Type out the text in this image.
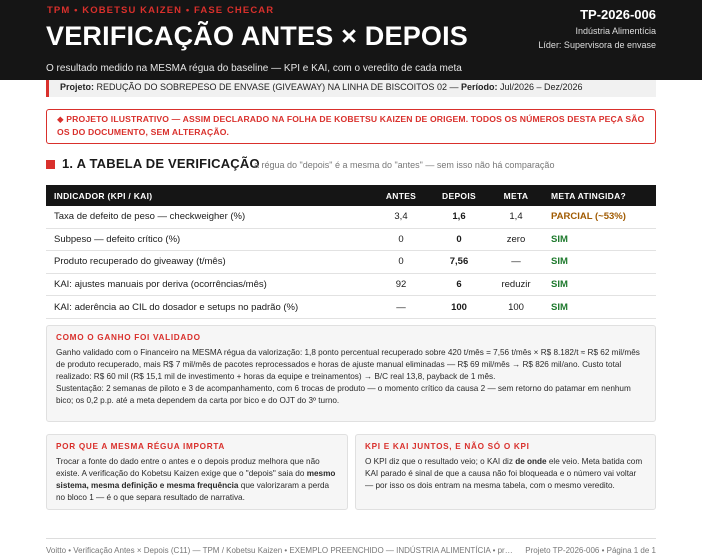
TPM • KOBETSU KAIZEN • FASE CHECAR
VERIFICAÇÃO ANTES × DEPOIS
TP-2026-006
Indústria Alimentícia
Líder: Supervisora de envase
O resultado medido na MESMA régua do baseline — KPI e KAI, com o veredito de cada meta
Projeto: REDUÇÃO DO SOBREPESO DE ENVASE (GIVEAWAY) NA LINHA DE BISCOITOS 02 — Período: Jul/2026 – Dez/2026
◆ PROJETO ILUSTRATIVO — ASSIM DECLARADO NA FOLHA DE KOBETSU KAIZEN DE ORIGEM. TODOS OS NÚMEROS DESTA PEÇA SÃO OS DO DOCUMENTO, SEM ALTERAÇÃO.
1. A TABELA DE VERIFICAÇÃO
a régua do "depois" é a mesma do "antes" — sem isso não há comparação
INDICADOR (KPI / KAI)	ANTES	DEPOIS	META	META ATINGIDA?
Taxa de defeito de peso — checkweigher (%)	3,4	1,6	1,4	PARCIAL (~53%)
Subpeso — defeito crítico (%)	0	0	zero	SIM
Produto recuperado do giveaway (t/mês)	0	7,56	—	SIM
KAI: ajustes manuais por deriva (ocorrências/mês)	92	6	reduzir	SIM
KAI: aderência ao CIL do dosador e setups no padrão (%)	—	100	100	SIM
COMO O GANHO FOI VALIDADO
Ganho validado com o Financeiro na MESMA régua da valorização: 1,8 ponto percentual recuperado sobre 420 t/mês = 7,56 t/mês × R$ 8.182/t ≈ R$ 62 mil/mês de produto recuperado, mais R$ 7 mil/mês de pacotes reprocessados e horas de ajuste manual eliminadas — R$ 69 mil/mês → R$ 826 mil/ano. Custo total realizado: R$ 60 mil (R$ 15,1 mil de investimento + horas da equipe e treinamentos) → B/C real 13,8, payback de 1 mês.
Sustentação: 2 semanas de piloto e 3 de acompanhamento, com 6 trocas de produto — o momento crítico da causa 2 — sem retorno do patamar em nenhum bico; os 0,2 p.p. até a meta dependem da carta por bico e do OJT do 3º turno.
POR QUE A MESMA RÉGUA IMPORTA
Trocar a fonte do dado entre o antes e o depois produz melhora que não existe. A verificação do Kobetsu Kaizen exige que o "depois" saia do mesmo sistema, mesma definição e mesma frequência que valorizaram a perda no bloco 1 — é o que separa resultado de narrativa.
KPI E KAI JUNTOS, E NÃO SÓ O KPI
O KPI diz que o resultado veio; o KAI diz de onde ele veio. Meta batida com KAI parado é sinal de que a causa não foi bloqueada e o número vai voltar — por isso os dois entram na mesma tabela, com o mesmo veredito.
Voitto • Verificação Antes × Depois (C11) — TPM / Kobetsu Kaizen • EXEMPLO PREENCHIDO — INDÚSTRIA ALIMENTÍCIA • pr… Projeto TP-2026-006 • Página 1 de 1
